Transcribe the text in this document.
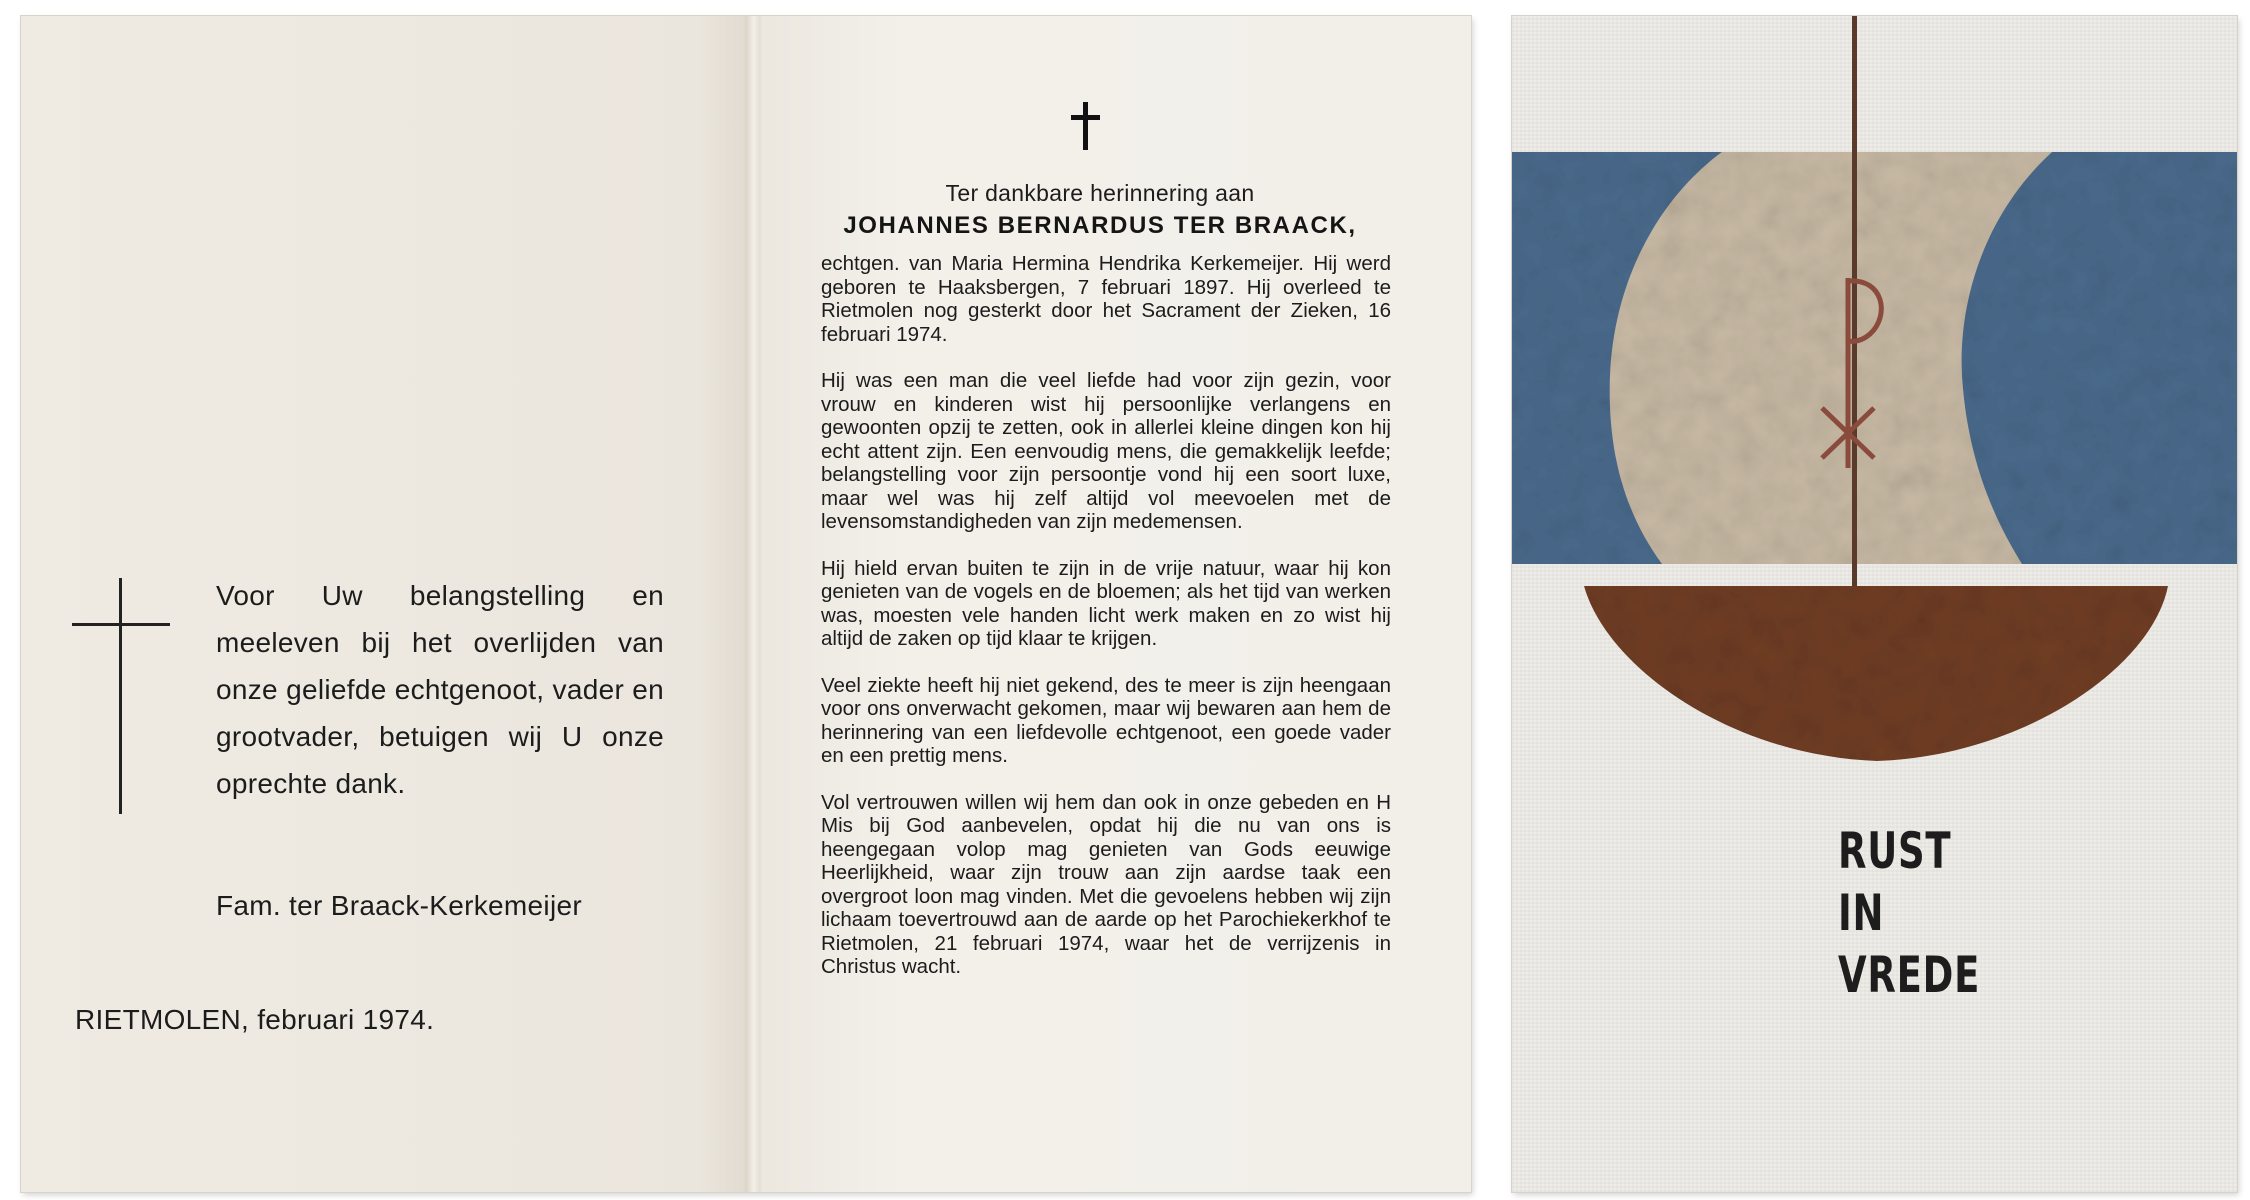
Voor Uw belangstelling en meeleven bij het overlijden van onze geliefde echtgenoot, vader en grootvader, betuigen wij U onze oprechte dank.
Fam. ter Braack-Kerkemeijer
RIETMOLEN, februari 1974.
Ter dankbare herinnering aan
JOHANNES BERNARDUS TER BRAACK,

echtgen. van Maria Hermina Hendrika Kerkemeijer. Hij werd geboren te Haaksbergen, 7 februari 1897. Hij overleed te Rietmolen nog gesterkt door het Sacrament der Zieken, 16 februari 1974.

Hij was een man die veel liefde had voor zijn gezin, voor vrouw en kinderen wist hij persoonlijke verlangens en gewoonten opzij te zetten, ook in allerlei kleine dingen kon hij echt attent zijn. Een eenvoudig mens, die gemakkelijk leefde; belangstelling voor zijn persoontje vond hij een soort luxe, maar wel was hij zelf altijd vol meevoelen met de levensomstandigheden van zijn medemensen.

Hij hield ervan buiten te zijn in de vrije natuur, waar hij kon genieten van de vogels en de bloemen; als het tijd van werken was, moesten vele handen licht werk maken en zo wist hij altijd de zaken op tijd klaar te krijgen.

Veel ziekte heeft hij niet gekend, des te meer is zijn heengaan voor ons onverwacht gekomen, maar wij bewaren aan hem de herinnering van een liefdevolle echtgenoot, een goede vader en een prettig mens.

Vol vertrouwen willen wij hem dan ook in onze gebeden en H Mis bij God aanbevelen, opdat hij die nu van ons is heengegaan volop mag genieten van Gods eeuwige Heerlijkheid, waar zijn trouw aan zijn aardse taak een overgroot loon mag vinden. Met die gevoelens hebben wij zijn lichaam toevertrouwd aan de aarde op het Parochiekerkhof te Rietmolen, 21 februari 1974, waar het de verrijzenis in Christus wacht.

RUST
IN
VREDE
